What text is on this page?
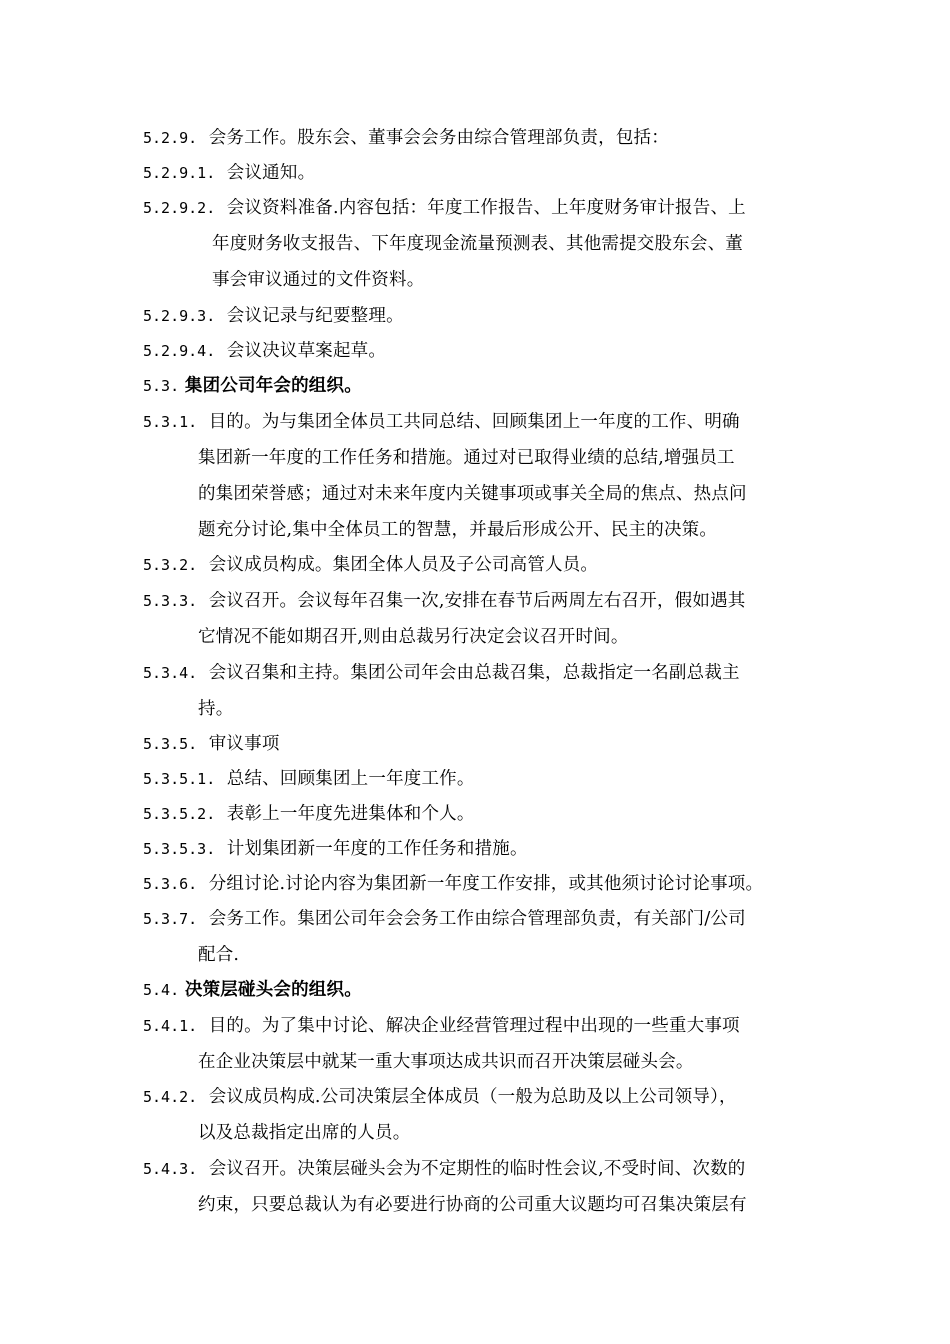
5.2.9. 会务工作。股东会、董事会会务由综合管理部负责，包括：
5.2.9.1. 会议通知。
5.2.9.2. 会议资料准备.内容包括：年度工作报告、上年度财务审计报告、上
年度财务收支报告、下年度现金流量预测表、其他需提交股东会、董
事会审议通过的文件资料。
5.2.9.3. 会议记录与纪要整理。
5.2.9.4. 会议决议草案起草。
5.3. 集团公司年会的组织。
5.3.1. 目的。为与集团全体员工共同总结、回顾集团上一年度的工作、明确
集团新一年度的工作任务和措施。通过对已取得业绩的总结,增强员工
的集团荣誉感；通过对未来年度内关键事项或事关全局的焦点、热点问
题充分讨论,集中全体员工的智慧，并最后形成公开、民主的决策。
5.3.2. 会议成员构成。集团全体人员及子公司高管人员。
5.3.3. 会议召开。会议每年召集一次,安排在春节后两周左右召开，假如遇其
它情况不能如期召开,则由总裁另行决定会议召开时间。
5.3.4. 会议召集和主持。集团公司年会由总裁召集，总裁指定一名副总裁主
持。
5.3.5. 审议事项
5.3.5.1. 总结、回顾集团上一年度工作。
5.3.5.2. 表彰上一年度先进集体和个人。
5.3.5.3. 计划集团新一年度的工作任务和措施。
5.3.6. 分组讨论.讨论内容为集团新一年度工作安排，或其他须讨论讨论事项。
5.3.7. 会务工作。集团公司年会会务工作由综合管理部负责，有关部门/公司
配合.
5.4. 决策层碰头会的组织。
5.4.1. 目的。为了集中讨论、解决企业经营管理过程中出现的一些重大事项
在企业决策层中就某一重大事项达成共识而召开决策层碰头会。
5.4.2. 会议成员构成.公司决策层全体成员（一般为总助及以上公司领导），
以及总裁指定出席的人员。
5.4.3. 会议召开。决策层碰头会为不定期性的临时性会议,不受时间、次数的
约束，只要总裁认为有必要进行协商的公司重大议题均可召集决策层有
